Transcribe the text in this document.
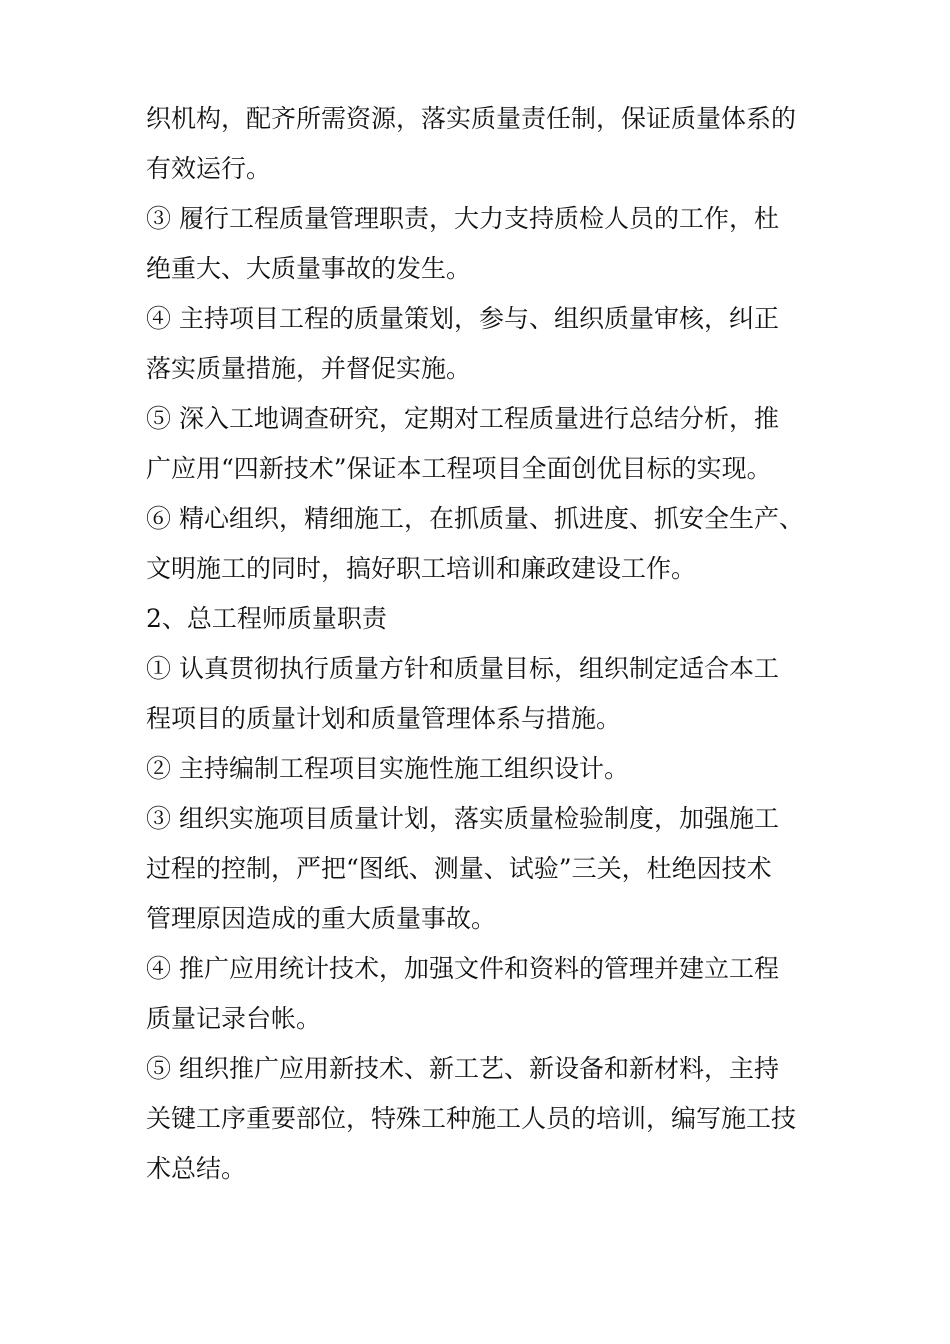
织机构，配齐所需资源，落实质量责任制，保证质量体系的
有效运行。
③ 履行工程质量管理职责，大力支持质检人员的工作，杜
绝重大、大质量事故的发生。
④ 主持项目工程的质量策划，参与、组织质量审核，纠正
落实质量措施，并督促实施。
⑤ 深入工地调查研究，定期对工程质量进行总结分析，推
广应用“四新技术”保证本工程项目全面创优目标的实现。
⑥ 精心组织，精细施工，在抓质量、抓进度、抓安全生产、
文明施工的同时，搞好职工培训和廉政建设工作。
2、总工程师质量职责
① 认真贯彻执行质量方针和质量目标，组织制定适合本工
程项目的质量计划和质量管理体系与措施。
② 主持编制工程项目实施性施工组织设计。
③ 组织实施项目质量计划，落实质量检验制度，加强施工
过程的控制，严把“图纸、测量、试验”三关，杜绝因技术
管理原因造成的重大质量事故。
④ 推广应用统计技术，加强文件和资料的管理并建立工程
质量记录台帐。
⑤ 组织推广应用新技术、新工艺、新设备和新材料，主持
关键工序重要部位，特殊工种施工人员的培训，编写施工技
术总结。
